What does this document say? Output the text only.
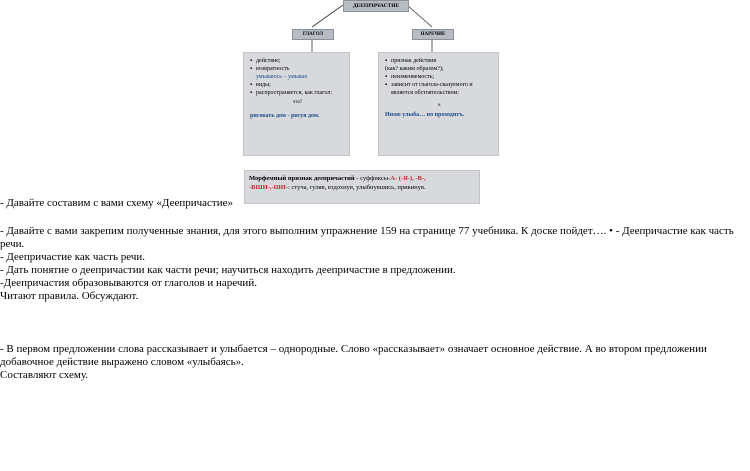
ДЕЕПРИЧАСТИЕ
ГЛАГОЛ	НАРЕЧИЕ
▪ действие;
▪ возвратность
умываюсь – умывая
▪ виды;
▪ распространяется, как глагол:
что?
рисовать дом - рисуя дом.
▪ признак действия
(как? каким образом?);
▪ неизменяемость;
▪ зависит от глагола-сказуемого и является обстоятельством:
к
Иною улыба… но проходитъ.
Морфемный признак деепричастий - суффиксы-А- (-Я-), -В-,
-ВШИ-,-ШИ-: стуча, гуляв, вздохнув, улыбнувшись, прикинув.
- Давайте составим с вами схему «Деепричастие»
- Давайте с вами закрепим полученные знания, для этого выполним упражнение 159 на странице 77 учебника. К доске пойдет…. • - Деепричастие как часть речи.
- Деепричастие как часть речи.
- Дать понятие о деепричастии как части речи; научиться находить деепричастие в предложении.
-Деепричастия образовываются от глаголов и наречий.
Читают правила. Обсуждают.
- В первом предложении слова рассказывает и улыбается – однородные. Слово «рассказывает» означает основное действие. А во втором предложении добавочное действие выражено словом «улыбаясь».
Составляют схему.
